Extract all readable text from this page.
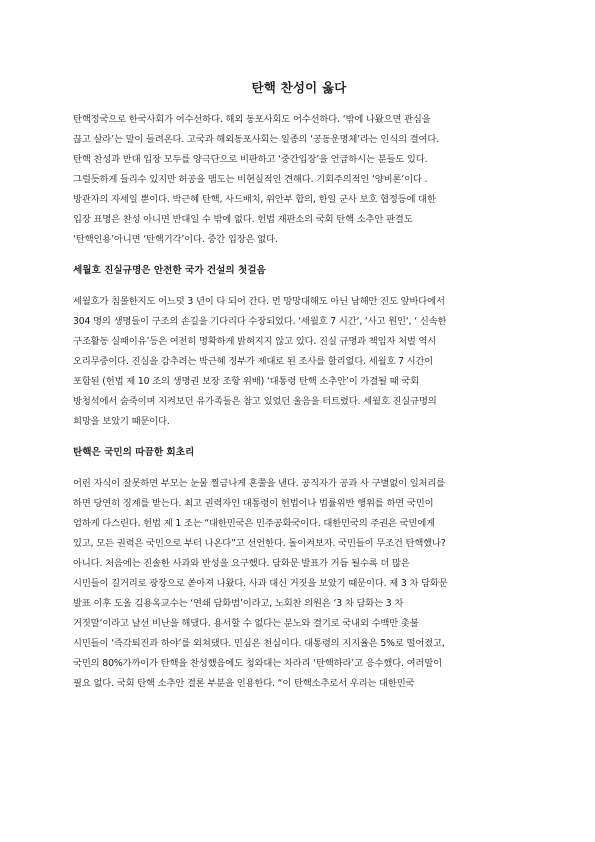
탄핵 찬성이 옳다

탄핵정국으로 한국사회가 어수선하다. 해외 동포사회도 어수선하다. ‘밖에 나왔으면 관심을
끊고 살라’는 말이 들려온다. 고국과 해외동포사회는 일종의 ‘공동운명체’라는 인식의 결여다.
탄핵 찬성과 반대 입장 모두를 양극단으로 비판하고 ‘중간입장’을 언급하시는 분들도 있다.
그럴듯하게 들리수 있지만 허공을 맴도는 비현실적인 견해다. 기회주의적인 ‘양비론’이다 .
방관자의 자세일 뿐이다. 박근혜 탄핵, 사드배치, 위안부 합의, 한일 군사 보호 협정등에 대한
입장 표명은 찬성 아니면 반대일 수 밖에 없다. 헌법 재판소의 국회 탄핵 소추안 판결도
‘탄핵인용’아니면 ‘탄핵기각’이다. 중간 입장은 없다.

세월호 진실규명은 안전한 국가 건설의 첫걸음

세월호가 침몰한지도 어느덧 3 년이 다 되어 간다. 먼 망망대해도 아닌 남해안 진도 앞바다에서
304 명의 생명들이 구조의 손길을 기다리다 수장되었다. ‘세월호 7 시간‘, ‘사고 원인‘, ‘ 신속한
구조활동 실패이유’등은 여전히 명확하게 밝혀지지 않고 있다. 진실 규명과 책임자 처벌 역시
오리무중이다. 진실을 감추려는 박근혜 정부가 제대로 된 조사를 할리없다. 세월호 7 시간이
포함된 (헌법 제 10 조의 생명권 보장 조항 위배) ‘대통령 탄핵 소추안’이 가결될 때 국회
방청석에서 숨죽이며 지켜보던 유가족들은 참고 있었던 울음을 터트렸다. 세월호 진실규명의
희망을 보았기 때문이다.

탄핵은 국민의 따끔한 회초리

어린 자식이 잘못하면 부모는 눈물 찔금나게 혼쭐을 낸다. 공직자가 공과 사 구별없이 일처리를
하면 당연히 징계를 받는다. 최고 권력자인 대통령이 헌법이나 법률위반 행위를 하면 국민이
엄하게 다스린다. 헌법 제 1 조는 “대한민국은 민주공화국이다. 대한민국의 주권은 국민에게
있고, 모든 권력은 국민으로 부터 나온다”고 선언한다. 돌이켜보자. 국민들이 무조건 탄핵했나?
아니다. 처음에는 진솔한 사과와 반성을 요구했다. 담화문 발표가 거듭 될수록 더 많은
시민들이 길거리로 광장으로 쏟아져 나왔다. 사과 대신 거짓을 보았기 때문이다. 제 3 차 담화문
발표 이후 도올 김용옥교수는 ‘연쇄 담화범’이라고, 노회찬 의원은 ‘3 차 담화는 3 차
거짓말’이라고 날선 비난을 해댔다. 용서할 수 없다는 분노와 결기로 국내외 수백만 촛불
시민들이 ‘즉각퇴진과 하야’를 외쳐댔다. 민심은 천심이다. 대통령의 지지율은 5%로 떨어졌고,
국민의 80%가까이가 탄핵을 찬성했음에도 청와대는 차라리 ‘탄핵하라’고 응수했다. 여러말이
필요 없다. 국회 탄핵 소추안 결론 부분을 인용한다. “이 탄핵소추로서 우리는 대한민국
